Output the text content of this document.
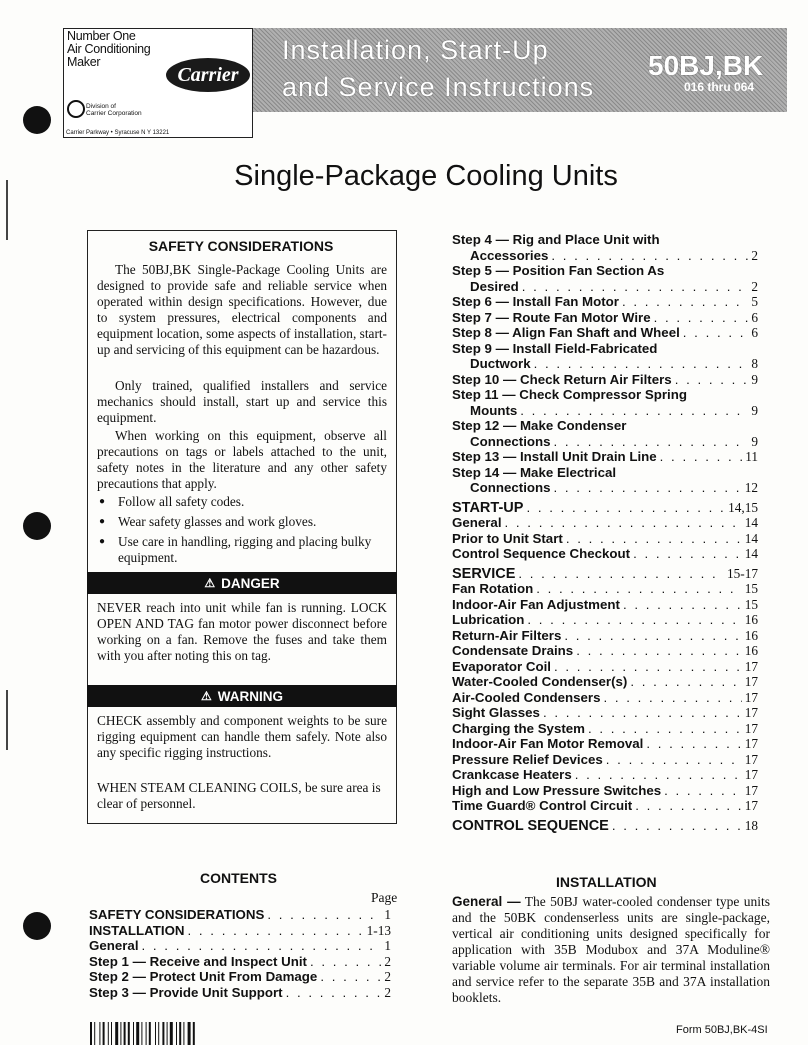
Number One
Air Conditioning
Maker
Carrier
Division of
Carrier Corporation
Carrier Parkway • Syracuse N Y 13221
Installation, Start-Up
and Service Instructions
50BJ,BK
016 thru 064
Single-Package Cooling Units
SAFETY CONSIDERATIONS
The 50BJ,BK Single-Package Cooling Units are designed to provide safe and reliable service when operated within design specifications. However, due to system pressures, electrical components and equipment location, some aspects of installation, start-up and servicing of this equipment can be hazardous.
Only trained, qualified installers and service mechanics should install, start up and service this equipment.
When working on this equipment, observe all precautions on tags or labels attached to the unit, safety notes in the literature and any other safety precautions that apply.
● Follow all safety codes.
● Wear safety glasses and work gloves.
● Use care in handling, rigging and placing bulky equipment.
⚠ DANGER
NEVER reach into unit while fan is running. LOCK OPEN AND TAG fan motor power disconnect before working on a fan. Remove the fuses and take them with you after noting this on tag.
⚠ WARNING
CHECK assembly and component weights to be sure rigging equipment can handle them safely. Note also any specific rigging instructions.
WHEN STEAM CLEANING COILS, be sure area is clear of personnel.
Step 4 — Rig and Place Unit with
Accessories . . .	2
Step 5 — Position Fan Section As
Desired . . .	2
Step 6 — Install Fan Motor . . .	5
Step 7 — Route Fan Motor Wire . . .	6
Step 8 — Align Fan Shaft and Wheel . . .	6
Step 9 — Install Field-Fabricated
Ductwork . . .	8
Step 10 — Check Return Air Filters . . .	9
Step 11 — Check Compressor Spring
Mounts . . .	9
Step 12 — Make Condenser
Connections . . .	9
Step 13 — Install Unit Drain Line . . .	11
Step 14 — Make Electrical
Connections . . .	12
START-UP . . .	14,15
General . . .	14
Prior to Unit Start . . .	14
Control Sequence Checkout . . .	14
SERVICE . . .	15-17
Fan Rotation . . .	15
Indoor-Air Fan Adjustment . . .	15
Lubrication . . .	16
Return-Air Filters . . .	16
Condensate Drains . . .	16
Evaporator Coil . . .	17
Water-Cooled Condenser(s) . . .	17
Air-Cooled Condensers . . .	17
Sight Glasses . . .	17
Charging the System . . .	17
Indoor-Air Fan Motor Removal . . .	17
Pressure Relief Devices . . .	17
Crankcase Heaters . . .	17
High and Low Pressure Switches . . .	17
Time Guard® Control Circuit . . .	17
CONTROL SEQUENCE . . .	18
CONTENTS
Page
SAFETY CONSIDERATIONS . . .	1
INSTALLATION . . .	1-13
General . . .	1
Step 1 — Receive and Inspect Unit . . .	2
Step 2 — Protect Unit From Damage . . .	2
Step 3 — Provide Unit Support . . .	2
INSTALLATION
General — The 50BJ water-cooled condenser type units and the 50BK condenserless units are single-package, vertical air conditioning units designed specifically for application with 35B Modubox and 37A Moduline® variable volume air terminals. For air terminal installation and service refer to the separate 35B and 37A installation booklets.
Form 50BJ,BK-4SI
